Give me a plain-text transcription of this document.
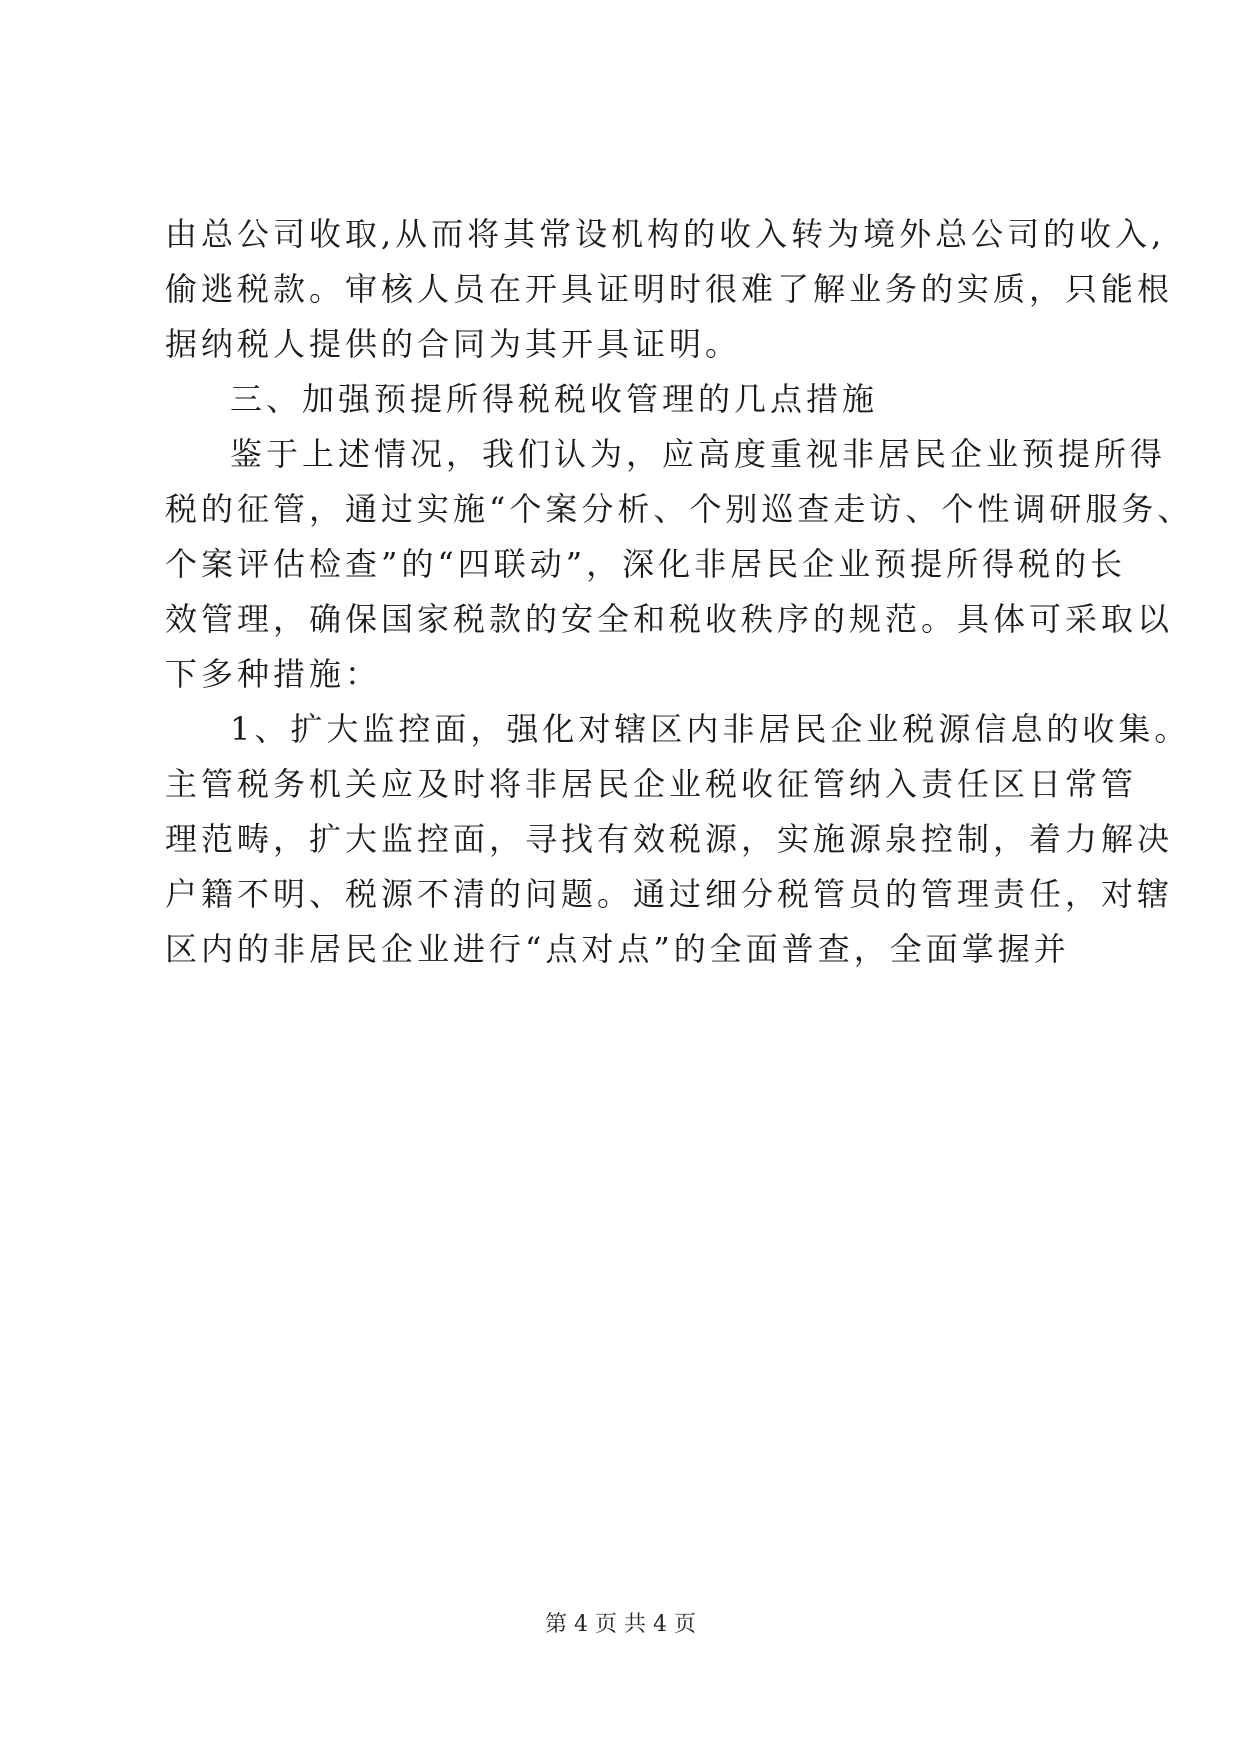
由总公司收取,从而将其常设机构的收入转为境外总公司的收入,
偷逃税款。审核人员在开具证明时很难了解业务的实质，只能根
据纳税人提供的合同为其开具证明。
三、加强预提所得税税收管理的几点措施
鉴于上述情况，我们认为，应高度重视非居民企业预提所得
税的征管，通过实施“个案分析、个别巡查走访、个性调研服务、
个案评估检查”的“四联动”，深化非居民企业预提所得税的长
效管理，确保国家税款的安全和税收秩序的规范。具体可采取以
下多种措施：
1、扩大监控面，强化对辖区内非居民企业税源信息的收集。
主管税务机关应及时将非居民企业税收征管纳入责任区日常管
理范畴，扩大监控面，寻找有效税源，实施源泉控制，着力解决
户籍不明、税源不清的问题。通过细分税管员的管理责任，对辖
区内的非居民企业进行“点对点”的全面普查，全面掌握并
第 4 页 共 4 页
